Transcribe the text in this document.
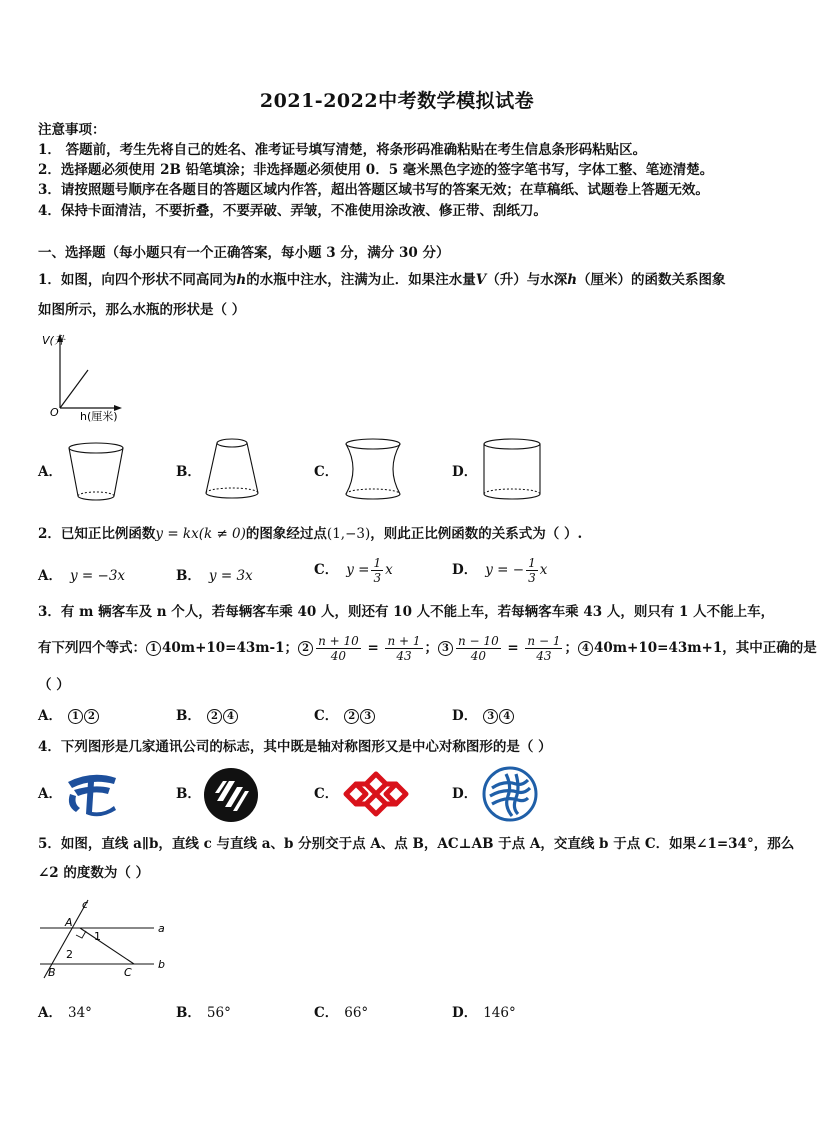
2021-2022中考数学模拟试卷
注意事项：
1． 答题前，考生先将自己的姓名、准考证号填写清楚，将条形码准确粘贴在考生信息条形码粘贴区。
2．选择题必须使用 2B 铅笔填涂；非选择题必须使用 0．5 毫米黑色字迹的签字笔书写，字体工整、笔迹清楚。
3．请按照题号顺序在各题目的答题区域内作答，超出答题区域书写的答案无效；在草稿纸、试题卷上答题无效。
4．保持卡面清洁，不要折叠，不要弄破、弄皱，不准使用涂改液、修正带、刮纸刀。
一、选择题（每小题只有一个正确答案，每小题 3 分，满分 30 分）
1．如图，向四个形状不同高同为h的水瓶中注水，注满为止．如果注水量V（升）与水深h（厘米）的函数关系图象
如图所示，那么水瓶的形状是（ ）
V(升
O h(厘米)
A．	B．	C．	D．
2．已知正比例函数y = kx(k ≠ 0)的图象经过点(1,−3)，则此正比例函数的关系式为（ ）.
A． y = −3x	B． y = 3x	C． $y = \frac{1}{3}$ x	D． y = − $\frac{1}{3}$ x
3．有 m 辆客车及 n 个人，若每辆客车乘 40 人，则还有 10 人不能上车，若每辆客车乘 43 人，则只有 1 人不能上车，
有下列四个等式： 1 40m+10=43m-1； $2 \frac{n + 10}{40} = \frac{n + 1}{43}$ ； $3 \frac{n - 10}{40} = \frac{n - 1}{43}$ ； 4 40m+10=43m+1，其中正确的是
（ ）
A． 1 2	B． 2 4	C． 2 3	D． 3 4
4．下列图形是几家通讯公司的标志，其中既是轴对称图形又是中心对称图形的是（ ）
A．	B．	C．	D．
5．如图，直线 a∥b，直线 c 与直线 a、b 分别交于点 A、点 B，AC⊥AB 于点 A，交直线 b 于点 C．如果∠1=34°，那么
∠2 的度数为（ ）
A
B	C
a
b
c
1
2
A． 34°	B． 56°	C． 66°	D． 146°
